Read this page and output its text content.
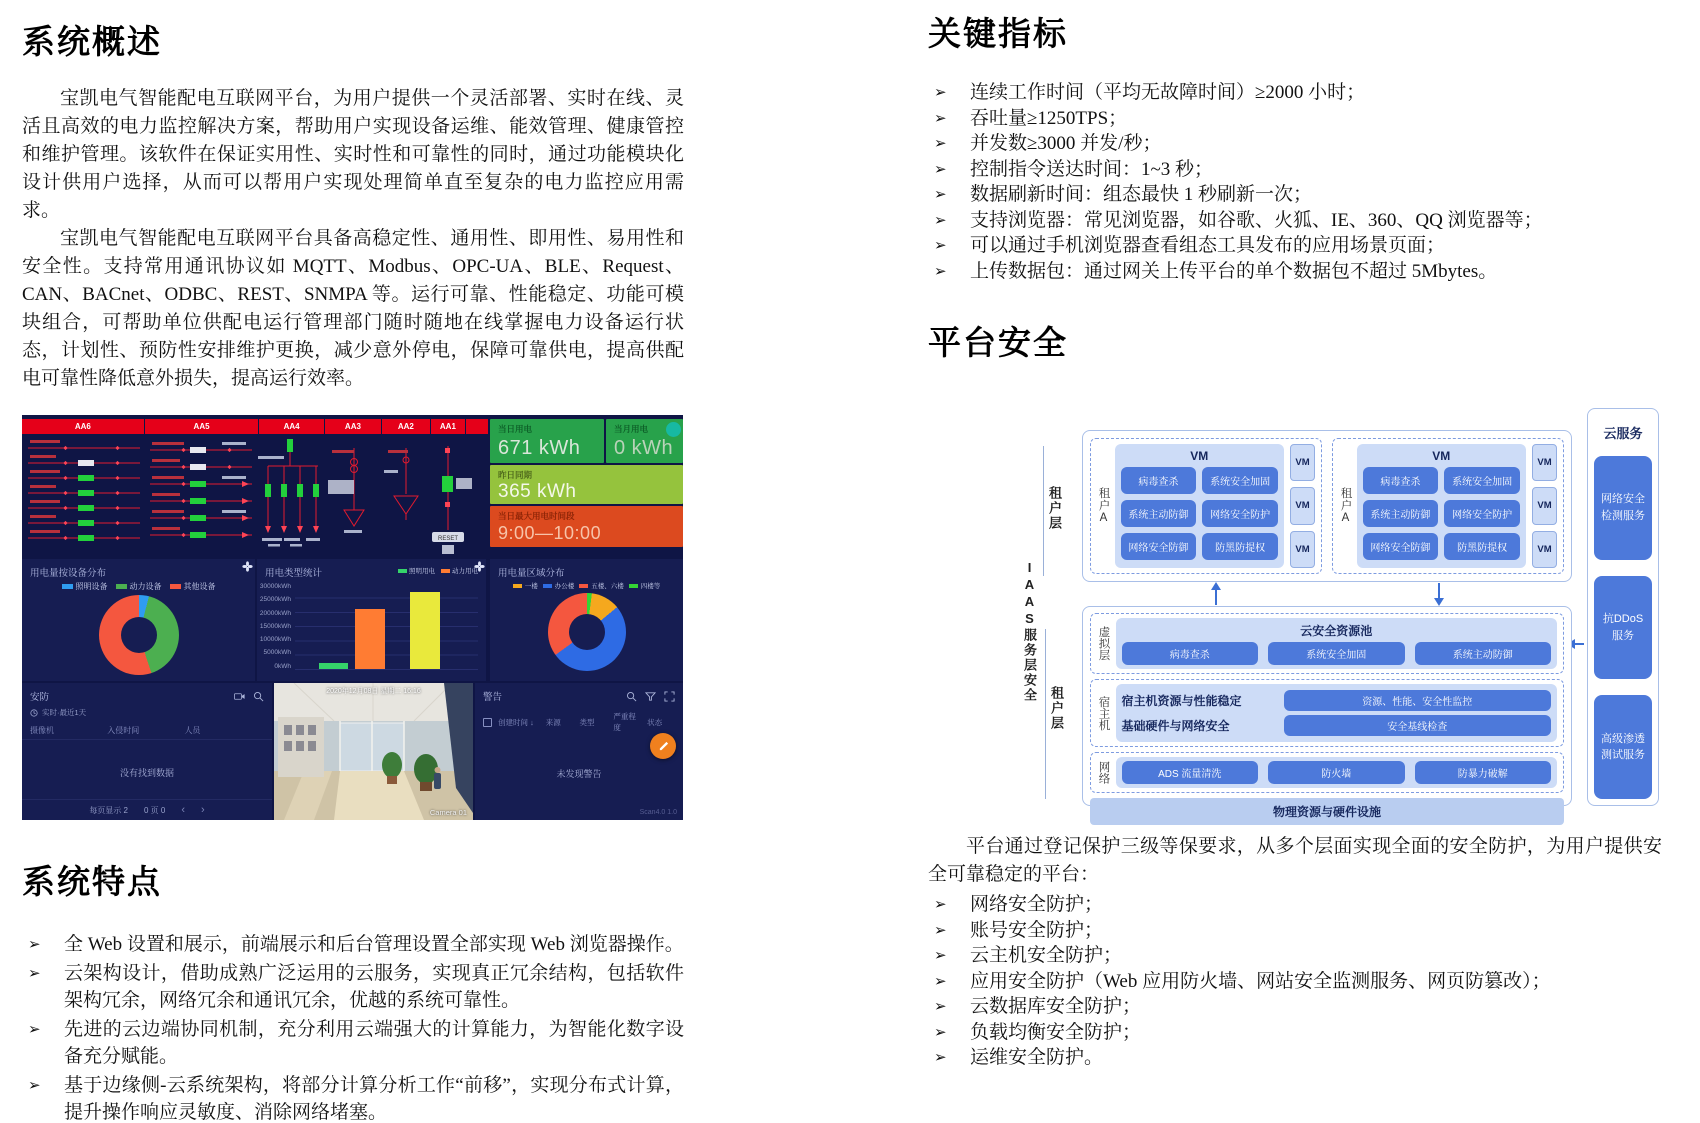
系统概述

宝凯电气智能配电互联网平台，为用户提供一个灵活部署、实时在线、灵活且高效的电力监控解决方案，帮助用户实现设备运维、能效管理、健康管控和维护管理。该软件在保证实用性、实时性和可靠性的同时，通过功能模块化设计供用户选择，从而可以帮用户实现处理简单直至复杂的电力监控应用需求。

宝凯电气智能配电互联网平台具备高稳定性、通用性、即用性、易用性和安全性。支持常用通讯协议如 MQTT、Modbus、OPC-UA、BLE、Request、CAN、BACnet、ODBC、REST、SNMPA 等。运行可靠、性能稳定、功能可模块组合，可帮助单位供配电运行管理部门随时随地在线掌握电力设备运行状态，计划性、预防性安排维护更换，减少意外停电，保障可靠供电，提高供配电可靠性降低意外损失，提高运行效率。

AA6	AA5	AA4	AA3	AA2	AA1
RESET
当日用电
671 kWh
当月用电
0 kWh
昨日同期
365 kWh
当日最大用电时间段
9:00—10:00
用电量按设备分布
照明设备	动力设备	其他设备
用电类型统计	照明用电	动力用电
30000kWh
25000kWh
20000kWh
15000kWh
10000kWh
5000kWh
0kWh
用电量区域分布
一楼	办公楼	五楼、六楼	四楼等
安防
实时·最近1天
摄像机	入侵时间	人员
没有找到数据
每页显示 2 0 页 0 ‹ ›
2020年12月08日 星期二 16:16
Camera 01
警告
创建时间 ↓	来源	类型
严重程度
状态
未发现警告
Scan4.0 1.0
系统特点
➢	全 Web 设置和展示，前端展示和后台管理设置全部实现 Web 浏览器操作。
➢	云架构设计，借助成熟广泛运用的云服务，实现真正冗余结构，包括软件架构冗余，网络冗余和通讯冗余，优越的系统可靠性。
➢	先进的云边端协同机制，充分利用云端强大的计算能力，为智能化数字设备充分赋能。
➢	基于边缘侧-云系统架构，将部分计算分析工作“前移”，实现分布式计算，提升操作响应灵敏度、消除网络堵塞。
关键指标
➢	连续工作时间（平均无故障时间）≥2000 小时；
➢	吞吐量≥1250TPS；
➢	并发数≥3000 并发/秒；
➢	控制指令送达时间：1~3 秒；
➢	数据刷新时间：组态最快 1 秒刷新一次；
➢	支持浏览器：常见浏览器，如谷歌、火狐、IE、360、QQ 浏览器等；
➢	可以通过手机浏览器查看组态工具发布的应用场景页面；
➢	上传数据包：通过网关上传平台的单个数据包不超过 5Mbytes。
平台安全
IAAS服务层安全
租户层
租户层
租户A
VM
病毒查杀	系统安全加固
系统主动防御	网络安全防护
网络安全防御	防黑防提权
VM
VM
VM
租户A
VM
病毒查杀	系统安全加固
系统主动防御	网络安全防护
网络安全防御	防黑防提权
VM
VM
VM
虚拟层	云安全资源池
病毒查杀	系统安全加固	系统主动防御
宿主机 宿主机资源与性能稳定	资源、性能、安全性监控
基础硬件与网络安全	安全基线检查
网络	ADS 流量清洗	防火墙	防暴力破解
物理资源与硬件设施
云服务
网络安全检测服务
抗DDoS服务
高级渗透测试服务

平台通过登记保护三级等保要求，从多个层面实现全面的安全防护，为用户提供安全可靠稳定的平台：

➢	网络安全防护；
➢	账号安全防护；
➢	云主机安全防护；
➢	应用安全防护（Web 应用防火墙、网站安全监测服务、网页防篡改）；
➢	云数据库安全防护；
➢	负载均衡安全防护；
➢	运维安全防护。
